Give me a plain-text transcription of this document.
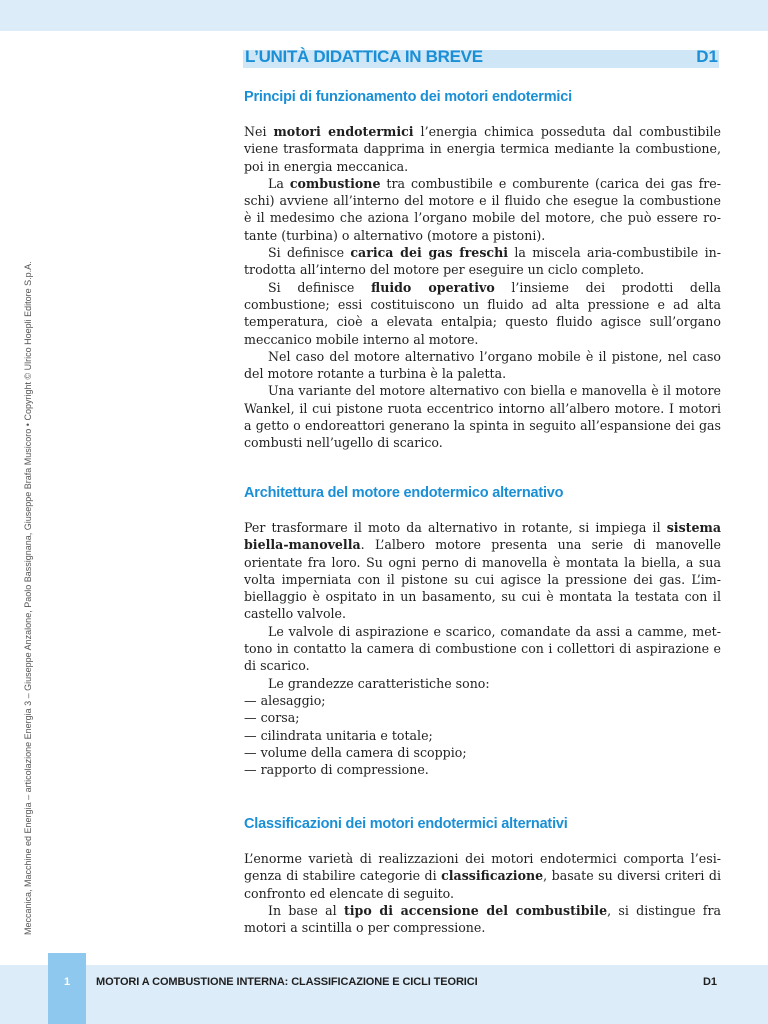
L’UNITÀ DIDATTICA IN BREVE	D1
Meccanica, Macchine ed Energia – articolazione Energia 3 – Giuseppe Anzalone, Paolo Bassignana, Giuseppe Brafa Musicoro • Copyright © Ulrico Hoepli Editore S.p.A.
Principi di funzionamento dei motori endotermici

Nei motori endotermici l’energia chimica posseduta dal combustibile viene trasformata dapprima in energia termica mediante la combustione, poi in energia meccanica.

La combustione tra combustibile e comburente (carica dei gas freschi) avviene all’interno del motore e il fluido che esegue la combustione è il medesimo che aziona l’organo mobile del motore, che può essere rotante (turbina) o alternativo (motore a pistoni).

Si definisce carica dei gas freschi la miscela aria-combustibile introdotta all’interno del motore per eseguire un ciclo completo.

Si definisce fluido operativo l’insieme dei prodotti della combustione; essi costituiscono un fluido ad alta pressione e ad alta temperatura, cioè a elevata entalpia; questo fluido agisce sull’organo meccanico mobile interno al motore.

Nel caso del motore alternativo l’organo mobile è il pistone, nel caso del motore rotante a turbina è la paletta.

Una variante del motore alternativo con biella e manovella è il motore Wankel, il cui pistone ruota eccentrico intorno all’albero motore. I motori a getto o endoreattori generano la spinta in seguito all’espansione dei gas combusti nell’ugello di scarico.

Architettura del motore endotermico alternativo

Per trasformare il moto da alternativo in rotante, si impiega il sistema biella-manovella. L’albero motore presenta una serie di manovelle orientate fra loro. Su ogni perno di manovella è montata la biella, a sua volta imperniata con il pistone su cui agisce la pressione dei gas. L’imbiellaggio è ospitato in un basamento, su cui è montata la testata con il castello valvole.

Le valvole di aspirazione e scarico, comandate da assi a camme, mettono in contatto la camera di combustione con i collettori di aspirazione e di scarico.

Le grandezze caratteristiche sono:

— alesaggio;
— corsa;
— cilindrata unitaria e totale;
— volume della camera di scoppio;
— rapporto di compressione.
Classificazioni dei motori endotermici alternativi

L’enorme varietà di realizzazioni dei motori endotermici comporta l’esigenza di stabilire categorie di classificazione, basate su diversi criteri di confronto ed elencate di seguito.

In base al tipo di accensione del combustibile, si distingue fra motori a scintilla o per compressione.

1 MOTORI A COMBUSTIONE INTERNA: CLASSIFICAZIONE E CICLI TEORICI	D1
